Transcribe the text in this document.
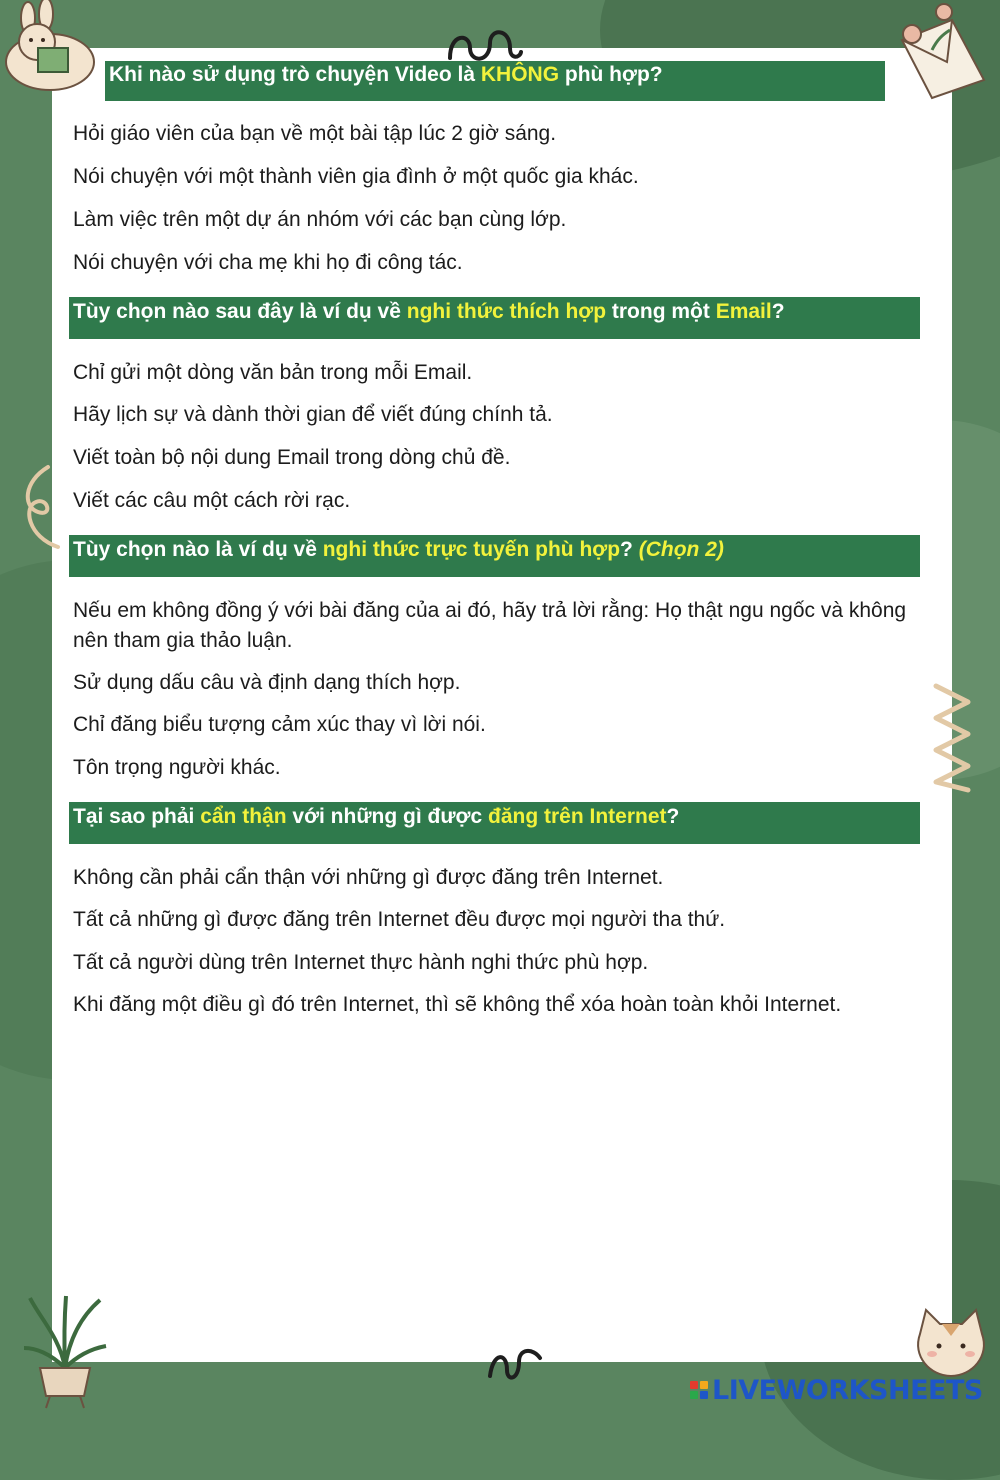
Khi nào sử dụng trò chuyện Video là KHÔNG phù hợp?
Hỏi giáo viên của bạn về một bài tập lúc 2 giờ sáng.
Nói chuyện với một thành viên gia đình ở một quốc gia khác.
Làm việc trên một dự án nhóm với các bạn cùng lớp.
Nói chuyện với cha mẹ khi họ đi công tác.
Tùy chọn nào sau đây là ví dụ về nghi thức thích hợp trong một Email?
Chỉ gửi một dòng văn bản trong mỗi Email.
Hãy lịch sự và dành thời gian để viết đúng chính tả.
Viết toàn bộ nội dung Email trong dòng chủ đề.
Viết các câu một cách rời rạc.
Tùy chọn nào là ví dụ về nghi thức trực tuyến phù hợp? (Chọn 2)
Nếu em không đồng ý với bài đăng của ai đó, hãy trả lời rằng: Họ thật ngu ngốc và không nên tham gia thảo luận.
Sử dụng dấu câu và định dạng thích hợp.
Chỉ đăng biểu tượng cảm xúc thay vì lời nói.
Tôn trọng người khác.
Tại sao phải cẩn thận với những gì được đăng trên Internet?
Không cần phải cẩn thận với những gì được đăng trên Internet.
Tất cả những gì được đăng trên Internet đều được mọi người tha thứ.
Tất cả người dùng trên Internet thực hành nghi thức phù hợp.
Khi đăng một điều gì đó trên Internet, thì sẽ không thể xóa hoàn toàn khỏi Internet.
LIVEWORKSHEETS
